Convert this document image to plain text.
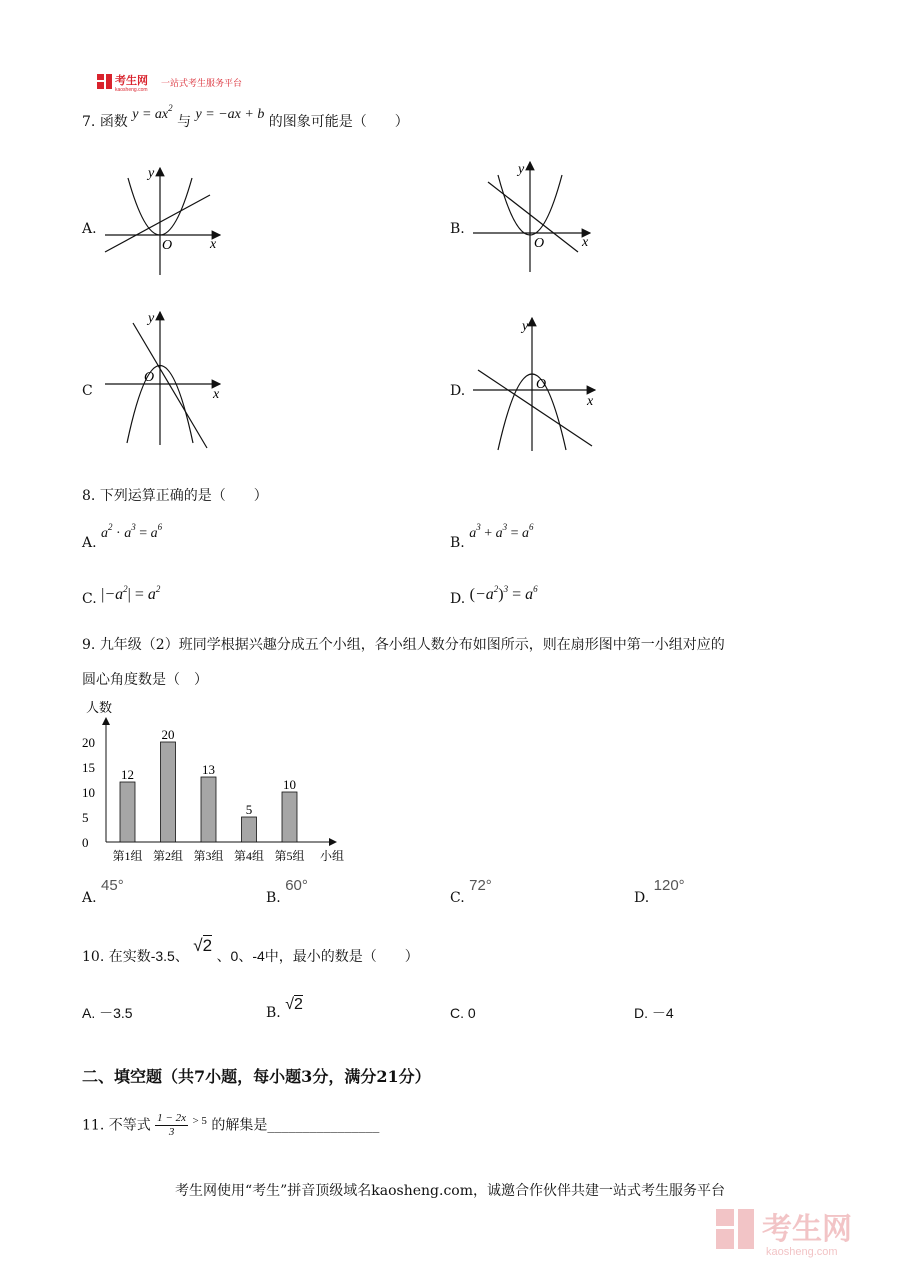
考生网
kaosheng.com
一站式考生服务平台
7. 函数 $y = ax^2$ 与 y = −ax + b 的图象可能是（　　）
A.	B.
C	D.
y
x
O
y
x
O
y
x
O
y
x
O
8. 下列运算正确的是（　　）
A. $a^2 \cdot a^3 = a^6$
B. $a^3 + a^3 = a^6$
C. $|-a^2| = a^2$
D. $(-a^2)^3 = a^6$
9. 九年级（2）班同学根据兴趣分成五个小组，各小组人数分布如图所示，则在扇形图中第一小组对应的
圆心角度数是（　）
人数
小组
0
5
10
15
20
12
第1组
20
第2组
13
第3组
5
第4组
10
第5组
A. 45°
B. 60°
C. 72°
D. 120°
10. 在实数-3.5、 √2 、0、-4中，最小的数是（　　）
A. －3.5	B. √2	C. 0	D. －4
二、填空题（共7小题，每小题3分，满分21分）
11. 不等式 $\frac{1 - 2x}{3} ^{> 5}$ 的解集是________________
考生网使用“考生”拼音顶级域名kaosheng.com，诚邀合作伙伴共建一站式考生服务平台
考生网
kaosheng.com
